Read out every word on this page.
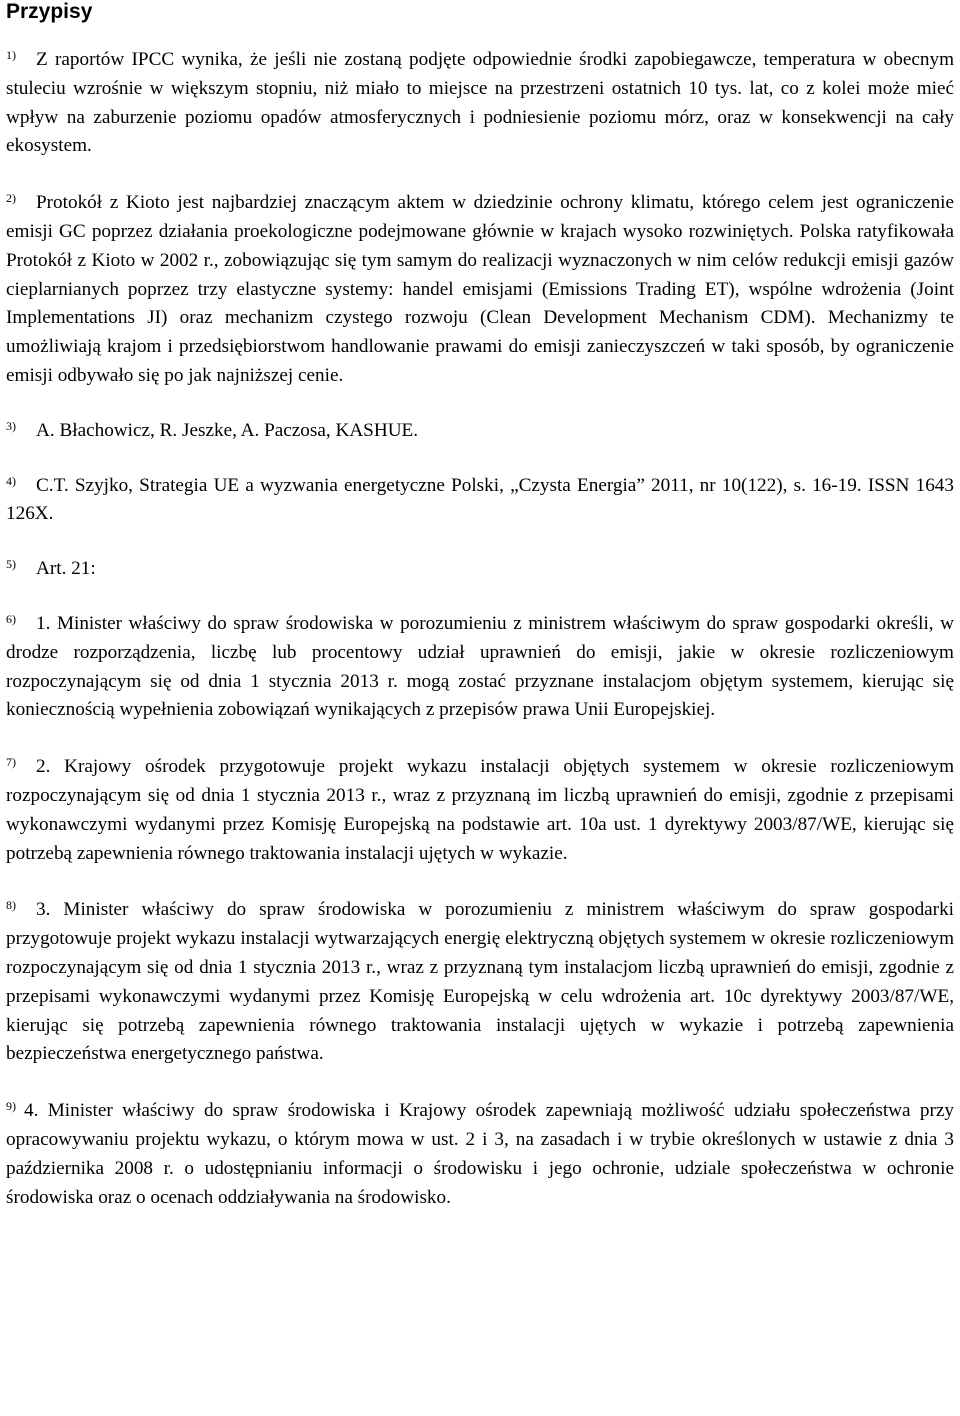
Przypisy

$^{1)}$ Z raportów IPCC wynika, że jeśli nie zostaną podjęte odpowiednie środki zapobiegawcze, temperatura w obecnym stuleciu wzrośnie w większym stopniu, niż miało to miejsce na przestrzeni ostatnich 10 tys. lat, co z kolei może mieć wpływ na zaburzenie poziomu opadów atmosferycznych i podniesienie poziomu mórz, oraz w konsekwencji na cały ekosystem.

$^{2)}$ Protokół z Kioto jest najbardziej znaczącym aktem w dziedzinie ochrony klimatu, którego celem jest ograniczenie emisji GC poprzez działania proekologiczne podejmowane głównie w krajach wysoko rozwiniętych. Polska ratyfikowała Protokół z Kioto w 2002 r., zobowiązując się tym samym do realizacji wyznaczonych w nim celów redukcji emisji gazów cieplarnianych poprzez trzy elastyczne systemy: handel emisjami (Emissions Trading ET), wspólne wdrożenia (Joint Implementations JI) oraz mechanizm czystego rozwoju (Clean Development Mechanism CDM). Mechanizmy te umożliwiają krajom i przedsiębiorstwom handlowanie prawami do emisji zanieczyszczeń w taki sposób, by ograniczenie emisji odbywało się po jak najniższej cenie.

$^{3)}$ A. Błachowicz, R. Jeszke, A. Paczosa, KASHUE.

$^{4)}$ C.T. Szyjko, Strategia UE a wyzwania energetyczne Polski, „Czysta Energia” 2011, nr 10(122), s. 16-19. ISSN 1643 126X.

$^{5)}$ Art. 21:

$^{6)}$ 1. Minister właściwy do spraw środowiska w porozumieniu z ministrem właściwym do spraw gospodarki określi, w drodze rozporządzenia, liczbę lub procentowy udział uprawnień do emisji, jakie w okresie rozliczeniowym rozpoczynającym się od dnia 1 stycznia 2013 r. mogą zostać przyznane instalacjom objętym systemem, kierując się koniecznością wypełnienia zobowiązań wynikających z przepisów prawa Unii Europejskiej.

$^{7)}$ 2. Krajowy ośrodek przygotowuje projekt wykazu instalacji objętych systemem w okresie rozliczeniowym rozpoczynającym się od dnia 1 stycznia 2013 r., wraz z przyznaną im liczbą uprawnień do emisji, zgodnie z przepisami wykonawczymi wydanymi przez Komisję Europejską na podstawie art. 10a ust. 1 dyrektywy 2003/87/WE, kierując się potrzebą zapewnienia równego traktowania instalacji ujętych w wykazie.

$^{8)}$ 3. Minister właściwy do spraw środowiska w porozumieniu z ministrem właściwym do spraw gospodarki przygotowuje projekt wykazu instalacji wytwarzających energię elektryczną objętych systemem w okresie rozliczeniowym rozpoczynającym się od dnia 1 stycznia 2013 r., wraz z przyznaną tym instalacjom liczbą uprawnień do emisji, zgodnie z przepisami wykonawczymi wydanymi przez Komisję Europejską w celu wdrożenia art. 10c dyrektywy 2003/87/WE, kierując się potrzebą zapewnienia równego traktowania instalacji ujętych w wykazie i potrzebą zapewnienia bezpieczeństwa energetycznego państwa.

$^{9)}$ 4. Minister właściwy do spraw środowiska i Krajowy ośrodek zapewniają możliwość udziału społeczeństwa przy opracowywaniu projektu wykazu, o którym mowa w ust. 2 i 3, na zasadach i w trybie określonych w ustawie z dnia 3 października 2008 r. o udostępnianiu informacji o środowisku i jego ochronie, udziale społeczeństwa w ochronie środowiska oraz o ocenach oddziaływania na środowisko.
